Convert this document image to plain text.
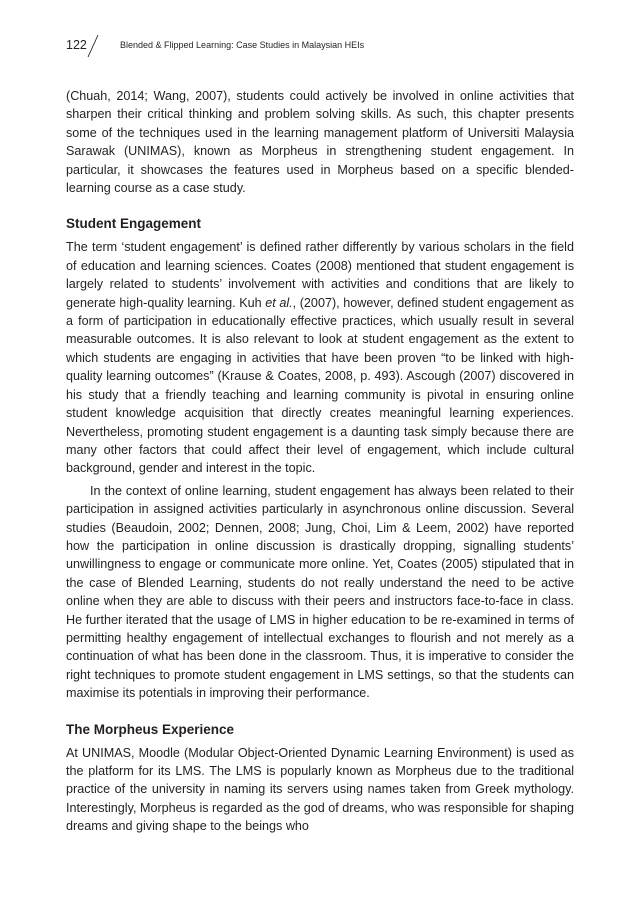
122	Blended & Flipped Learning: Case Studies in Malaysian HEIs

(Chuah, 2014; Wang, 2007), students could actively be involved in online activities that sharpen their critical thinking and problem solving skills. As such, this chapter presents some of the techniques used in the learning management platform of Universiti Malaysia Sarawak (UNIMAS), known as Morpheus in strengthening student engagement. In particular, it showcases the features used in Morpheus based on a specific blended-learning course as a case study.

Student Engagement

The term ‘student engagement’ is defined rather differently by various scholars in the field of education and learning sciences. Coates (2008) mentioned that student engagement is largely related to students’ involvement with activities and conditions that are likely to generate high-quality learning. Kuh et al., (2007), however, defined student engagement as a form of participation in educationally effective practices, which usually result in several measurable outcomes. It is also relevant to look at student engagement as the extent to which students are engaging in activities that have been proven “to be linked with high-quality learning outcomes” (Krause & Coates, 2008, p. 493). Ascough (2007) discovered in his study that a friendly teaching and learning community is pivotal in ensuring online student knowledge acquisition that directly creates meaningful learning experiences. Nevertheless, promoting student engagement is a daunting task simply because there are many other factors that could affect their level of engagement, which include cultural background, gender and interest in the topic.

In the context of online learning, student engagement has always been related to their participation in assigned activities particularly in asynchronous online discussion. Several studies (Beaudoin, 2002; Dennen, 2008; Jung, Choi, Lim & Leem, 2002) have reported how the participation in online discussion is drastically dropping, signalling students’ unwillingness to engage or communicate more online. Yet, Coates (2005) stipulated that in the case of Blended Learning, students do not really understand the need to be active online when they are able to discuss with their peers and instructors face-to-face in class. He further iterated that the usage of LMS in higher education to be re-examined in terms of permitting healthy engagement of intellectual exchanges to flourish and not merely as a continuation of what has been done in the classroom. Thus, it is imperative to consider the right techniques to promote student engagement in LMS settings, so that the students can maximise its potentials in improving their performance.

The Morpheus Experience

At UNIMAS, Moodle (Modular Object-Oriented Dynamic Learning Environment) is used as the platform for its LMS. The LMS is popularly known as Morpheus due to the traditional practice of the university in naming its servers using names taken from Greek mythology. Interestingly, Morpheus is regarded as the god of dreams, who was responsible for shaping dreams and giving shape to the beings who
